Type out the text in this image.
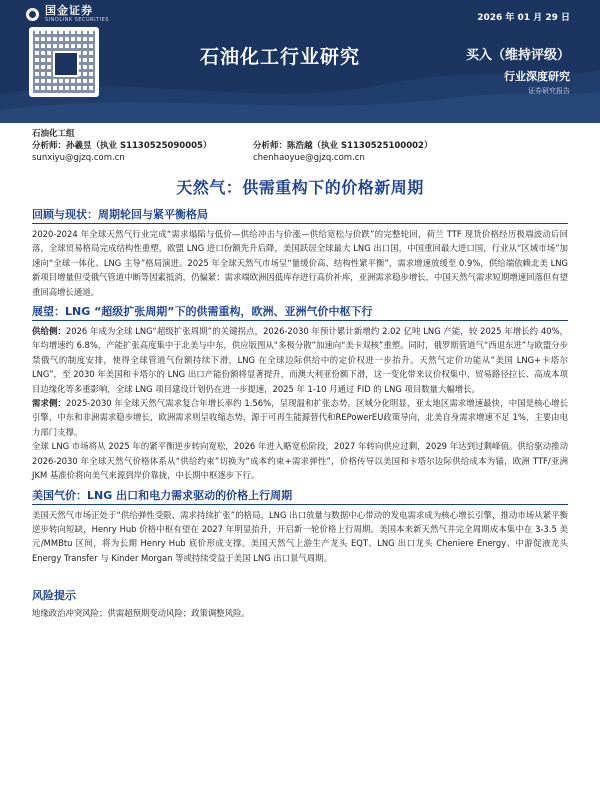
国金证券
SINOLINK SECURITIES	2026 年 01 月 29 日
石油化工行业研究	买入（维持评级）
行业深度研究
证券研究报告
石油化工组
分析师：孙羲昱（执业 S1130525090005）	分析师：陈浩越（执业 S1130525100002）
sunxiyu@gjzq.com.cn	chenhaoyue@gjzq.com.cn
天然气：供需重构下的价格新周期
回顾与现状：周期轮回与紧平衡格局

2020-2024 年全球天然气行业完成“需求塌陷与低价—供给冲击与价涨—供给宽松与价跌”的完整轮回，荷兰 TTF 现货价格经历极端波动后回落，全球贸易格局完成结构性重塑，欧盟 LNG 进口份额先升后降，美国跃居全球最大 LNG 出口国，中国重回最大进口国，行业从“区域市场”加速向“全球一体化、LNG 主导”格局演进。2025 年全球天然气市场呈“量缓价高、结构性紧平衡”，需求增速放缓至 0.9%，供给端依赖北美 LNG 新项目增量但受俄气管道中断等因素抵消，仍偏紧；需求端欧洲因低库存进行高价补库，亚洲需求稳步增长，中国天然气需求短期增速回落但有望重回高增长通道。

展望：LNG “超级扩张周期”下的供需重构，欧洲、亚洲气价中枢下行

供给侧：2026 年成为全球 LNG“超级扩张周期”的关键拐点，2026-2030 年预计累计新增约 2.02 亿吨 LNG 产能，较 2025 年增长约 40%，年均增速约 6.8%，产能扩张高度集中于北美与中东，供应版图从“多极分散”加速向“美卡双核”重塑。同时，俄罗斯管道气“西退东进”与欧盟分步禁俄气的制度安排，使得全球管道气份额持续下滑，LNG 在全球边际供给中的定价权进一步抬升。天然气定价功能从“美国 LNG+卡塔尔 LNG”，至 2030 年美国和卡塔尔的 LNG 出口产能份额将显著提升，而澳大利亚份额下滑，这一变化带来议价权集中、贸易路径拉长、高成本项目边缘化等多重影响，全球 LNG 项目建设计划仍在进一步提速，2025 年 1-10 月通过 FID 的 LNG 项目数量大幅增长。

需求侧：2025-2030 年全球天然气需求复合年增长率约 1.56%，呈现温和扩张态势。区域分化明显，亚太地区需求增速最快，中国是核心增长引擎，中东和非洲需求稳步增长，欧洲需求则呈收缩态势，源于可再生能源替代和REPowerEU政策导向，北美自身需求增速不足 1%，主要由电力部门支撑。

全球 LNG 市场将从 2025 年的紧平衡逆步转向宽松，2026 年进入略宽松阶段，2027 年转向供应过剩，2029 年达到过剩峰值。供给驱动推动 2026-2030 年全球天然气价格体系从“供给约束”切换为“成本约束+需求弹性”，价格传导以美国和卡塔尔边际供给成本为锚，欧洲 TTF/亚洲 JKM 基准价将向美气来源到岸价靠拢，中长期中枢逐步下行。

美国气价：LNG 出口和电力需求驱动的价格上行周期

美国天然气市场正处于“供给弹性受限、需求持续扩张”的格局，LNG 出口放量与数据中心带动的发电需求成为核心增长引擎，推动市场从紧平衡逆步转向短缺，Henry Hub 价格中枢有望在 2027 年明显抬升，开启新一轮价格上行周期。美国本来新天然气井完全周期成本集中在 3-3.5 美元/MMBtu 区间，将为长期 Henry Hub 底价形成支撑。美国天然气上游生产龙头 EQT、LNG 出口龙头 Cheniere Energy、中游促液龙头 Energy Transfer 与 Kinder Morgan 等或持续受益于美国 LNG 出口景气周期。

风险提示

地缘政治冲突风险；供需超预期变动风险；政策调整风险。
